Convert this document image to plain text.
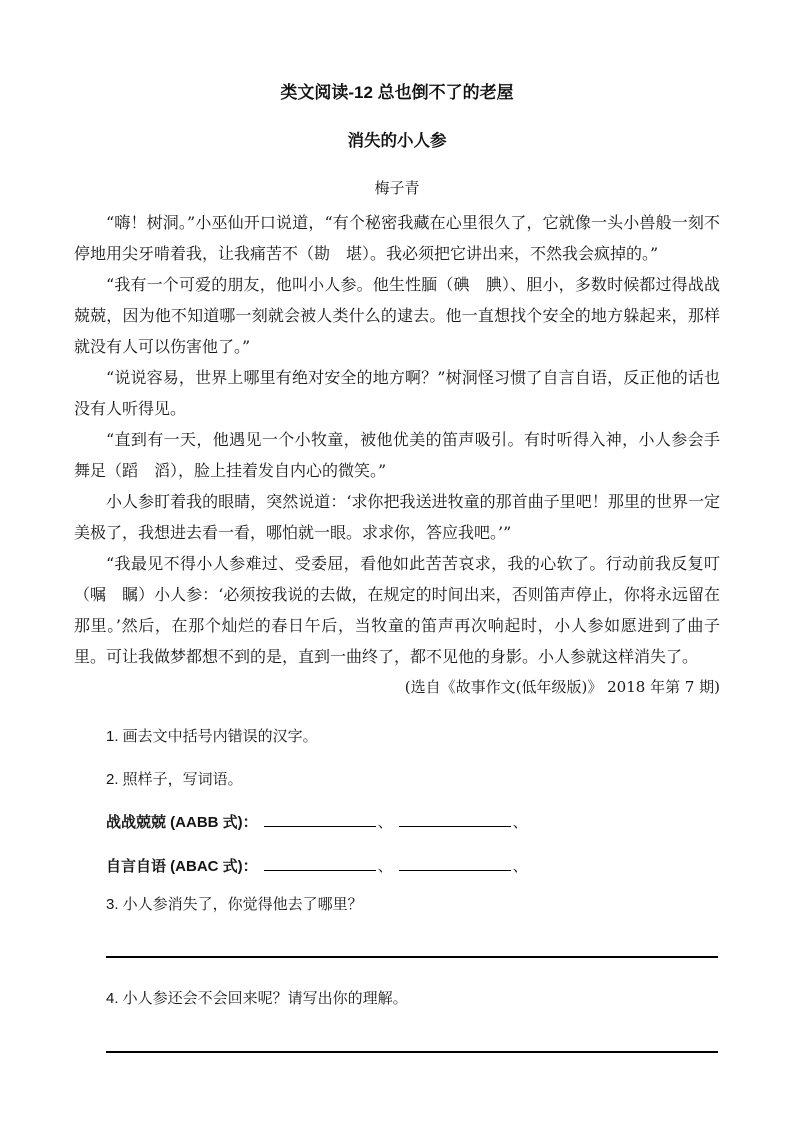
类文阅读-12 总也倒不了的老屋
消失的小人参
梅子青

“嗨！树洞。”小巫仙开口说道，“有个秘密我藏在心里很久了，它就像一头小兽般一刻不停地用尖牙啃着我，让我痛苦不（勘　堪）。我必须把它讲出来，不然我会疯掉的。”

“我有一个可爱的朋友，他叫小人参。他生性腼（碘　腆）、胆小，多数时候都过得战战兢兢，因为他不知道哪一刻就会被人类什么的逮去。他一直想找个安全的地方躲起来，那样就没有人可以伤害他了。”

“说说容易，世界上哪里有绝对安全的地方啊？”树洞怪习惯了自言自语，反正他的话也没有人听得见。

“直到有一天，他遇见一个小牧童，被他优美的笛声吸引。有时听得入神，小人参会手舞足（蹈　滔），脸上挂着发自内心的微笑。”

小人参盯着我的眼睛，突然说道：‘求你把我送进牧童的那首曲子里吧！那里的世界一定美极了，我想进去看一看，哪怕就一眼。求求你，答应我吧。’”

“我最见不得小人参难过、受委屈，看他如此苦苦哀求，我的心软了。行动前我反复叮（嘱　瞩）小人参：‘必须按我说的去做，在规定的时间出来，否则笛声停止，你将永远留在那里。’然后，在那个灿烂的春日午后，当牧童的笛声再次响起时，小人参如愿进到了曲子里。可让我做梦都想不到的是，直到一曲终了，都不见他的身影。小人参就这样消失了。

(选自《故事作文(低年级版)》 2018 年第 7 期)

1. 画去文中括号内错误的汉字。

2. 照样子，写词语。

战战兢兢 (AABB 式)：	、	、

自言自语 (ABAC 式)：	、	、

3. 小人参消失了，你觉得他去了哪里？

4. 小人参还会不会回来呢？请写出你的理解。
